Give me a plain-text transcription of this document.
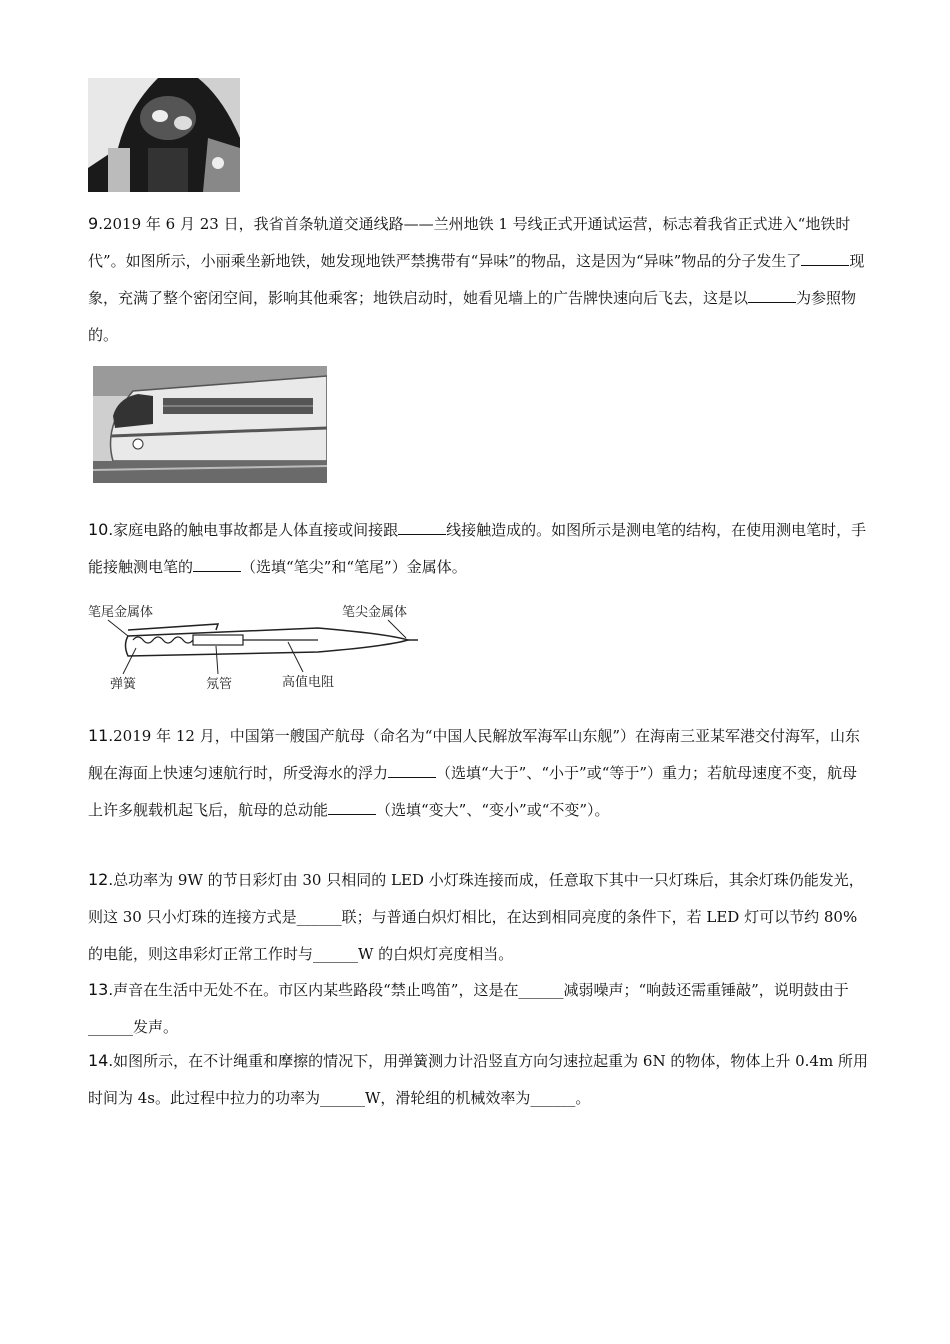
9.2019 年 6 月 23 日，我省首条轨道交通线路——兰州地铁 1 号线正式开通试运营，标志着我省正式进入“地铁时代”。如图所示，小丽乘坐新地铁，她发现地铁严禁携带有“异味”的物品，这是因为“异味”物品的分子发生了	现象，充满了整个密闭空间，影响其他乘客；地铁启动时，她看见墙上的广告牌快速向后飞去，这是以	为参照物的。
10.家庭电路的触电事故都是人体直接或间接跟	线接触造成的。如图所示是测电笔的结构，在使用测电笔时，手能接触测电笔的	（选填“笔尖”和“笔尾”）金属体。
笔尾金属体	笔尖金属体
弹簧	氖管	高值电阻
11.2019 年 12 月，中国第一艘国产航母（命名为“中国人民解放军海军山东舰”）在海南三亚某军港交付海军，山东舰在海面上快速匀速航行时，所受海水的浮力	（选填“大于”、“小于”或“等于”）重力；若航母速度不变，航母上许多舰载机起飞后，航母的总动能	（选填“变大”、“变小”或“不变”）。
12.总功率为 9W 的节日彩灯由 30 只相同的 LED 小灯珠连接而成，任意取下其中一只灯珠后，其余灯珠仍能发光，则这 30 只小灯珠的连接方式是______联；与普通白炽灯相比，在达到相同亮度的条件下，若 LED 灯可以节约 80%的电能，则这串彩灯正常工作时与______W 的白炽灯亮度相当。
13.声音在生活中无处不在。市区内某些路段“禁止鸣笛”，这是在______减弱噪声；“响鼓还需重锤敲”，说明鼓由于______发声。
14.如图所示，在不计绳重和摩擦的情况下，用弹簧测力计沿竖直方向匀速拉起重为 6N 的物体，物体上升 0.4m 所用时间为 4s。此过程中拉力的功率为______W，滑轮组的机械效率为______。
